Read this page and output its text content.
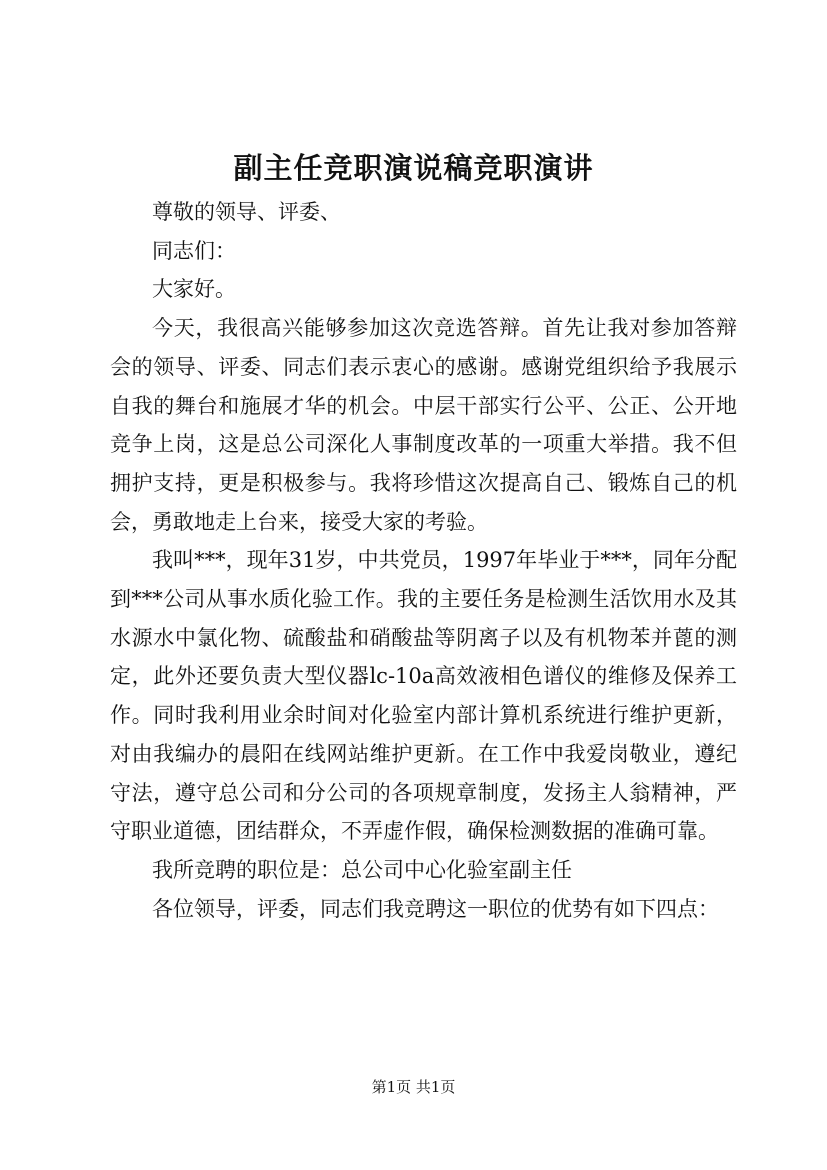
副主任竞职演说稿竞职演讲

尊敬的领导、评委、

同志们：

大家好。

今天，我很高兴能够参加这次竞选答辩。首先让我对参加答辩会的领导、评委、同志们表示衷心的感谢。感谢党组织给予我展示自我的舞台和施展才华的机会。中层干部实行公平、公正、公开地竞争上岗，这是总公司深化人事制度改革的一项重大举措。我不但拥护支持，更是积极参与。我将珍惜这次提高自己、锻炼自己的机会，勇敢地走上台来，接受大家的考验。

我叫***，现年31岁，中共党员，1997年毕业于***，同年分配到***公司从事水质化验工作。我的主要任务是检测生活饮用水及其水源水中氯化物、硫酸盐和硝酸盐等阴离子以及有机物苯并蓖的测定，此外还要负责大型仪器lc-10a高效液相色谱仪的维修及保养工作。同时我利用业余时间对化验室内部计算机系统进行维护更新，对由我编办的晨阳在线网站维护更新。在工作中我爱岗敬业，遵纪守法，遵守总公司和分公司的各项规章制度，发扬主人翁精神，严守职业道德，团结群众，不弄虚作假，确保检测数据的准确可靠。

我所竞聘的职位是：总公司中心化验室副主任

各位领导，评委，同志们我竞聘这一职位的优势有如下四点：

第1页 共1页
